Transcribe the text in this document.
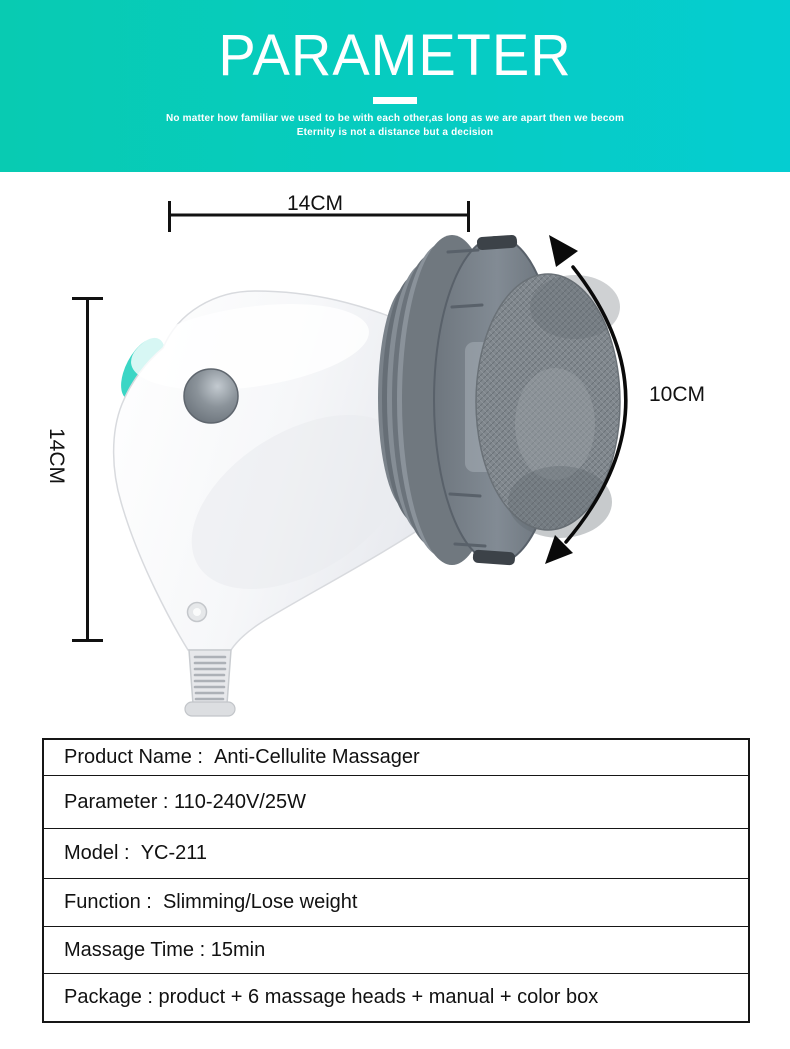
PARAMETER
No matter how familiar we used to be with each other,as long as we are apart then we becom
Eternity is not a distance but a decision
14CM
14CM
10CM
Product Name : Anti-Cellulite Massager
Parameter : 110-240V/25W
Model : YC-211
Function : Slimming/Lose weight
Massage Time : 15min
Package : product + 6 massage heads + manual + color box
